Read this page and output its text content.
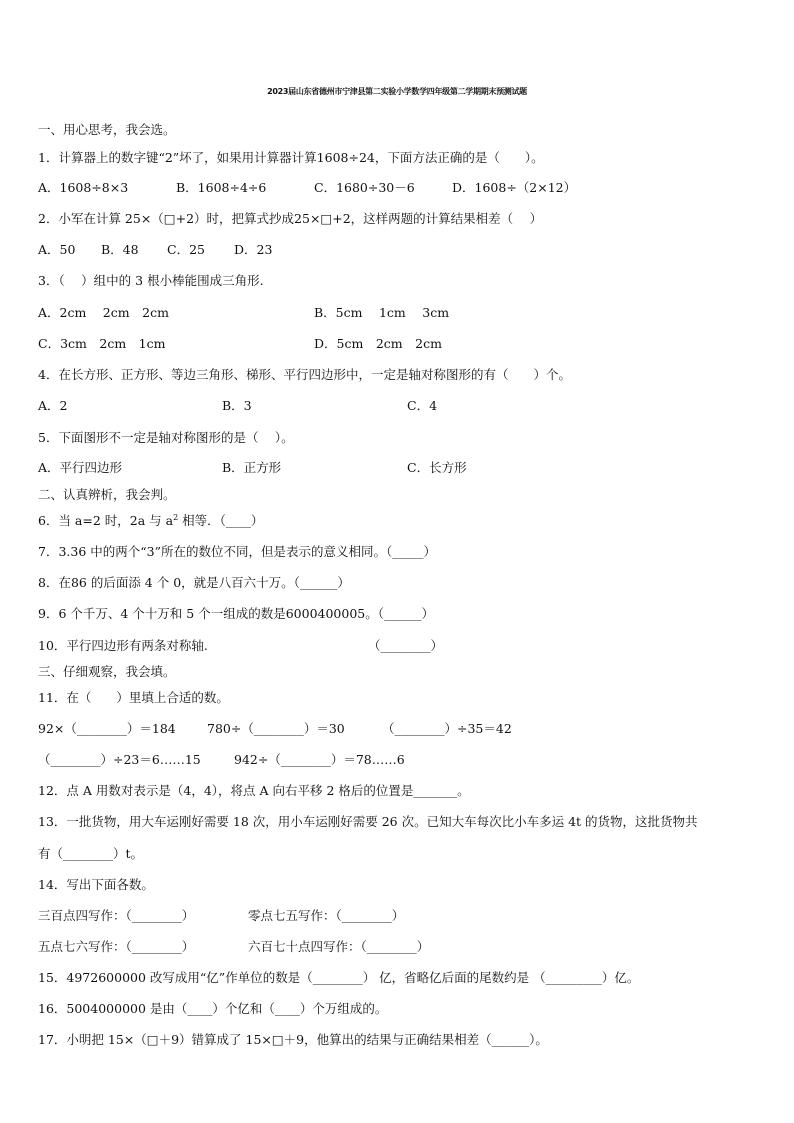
2023届山东省德州市宁津县第二实验小学数学四年级第二学期期末预测试题
一、用心思考，我会选。
1．计算器上的数字键“2”坏了，如果用计算器计算1608÷24，下面方法正确的是（　　）。
A．1608÷8×3	B．1608÷4÷6	C．1680÷30－6	D．1608÷（2×12）
2．小军在计算 25×（□+2）时，把算式抄成25×□+2，这样两题的计算结果相差（　 ）
A．50 B．48 C．25 D．23
3．（　 ）组中的 3 根小棒能围成三角形.
A．2cm　 2cm　2cm	B．5cm　 1cm　 3cm
C．3cm　2cm　1cm	D．5cm　2cm　2cm
4．在长方形、正方形、等边三角形、梯形、平行四边形中，一定是轴对称图形的有（　　）个。
A．2	B．3	C．4
5．下面图形不一定是轴对称图形的是（　 ）。
A．平行四边形	B．正方形	C．长方形
二、认真辨析，我会判。
6．当 a=2 时，2a 与 $a^2$ 相等．（____）
7．3.36 中的两个“3”所在的数位不同，但是表示的意义相同。（_____）
8．在86 的后面添 4 个 0，就是八百六十万。（______）
9．6 个千万、4 个十万和 5 个一组成的数是6000400005。（______）
10．平行四边形有两条对称轴.	（________）
三、仔细观察，我会填。
11．在（　　）里填上合适的数。
92×（________）＝184	780÷（________）＝30	（________）÷35＝42
（________）÷23＝6……15	942÷（________）＝78……6
12．点 A 用数对表示是（4，4），将点 A 向右平移 2 格后的位置是_______。
13．一批货物，用大车运刚好需要 18 次，用小车运刚好需要 26 次。已知大车每次比小车多运 4t 的货物，这批货物共
有（________）t。
14．写出下面各数。
三百点四写作：（________）	零点七五写作：（________）
五点七六写作：（________）	六百七十点四写作：（________）
15．4972600000 改写成用“亿”作单位的数是（________） 亿，省略亿后面的尾数约是 （_________）亿。
16．5004000000 是由（____）个亿和（____）个万组成的。
17．小明把 15×（□＋9）错算成了 15×□＋9，他算出的结果与正确结果相差（______）。
